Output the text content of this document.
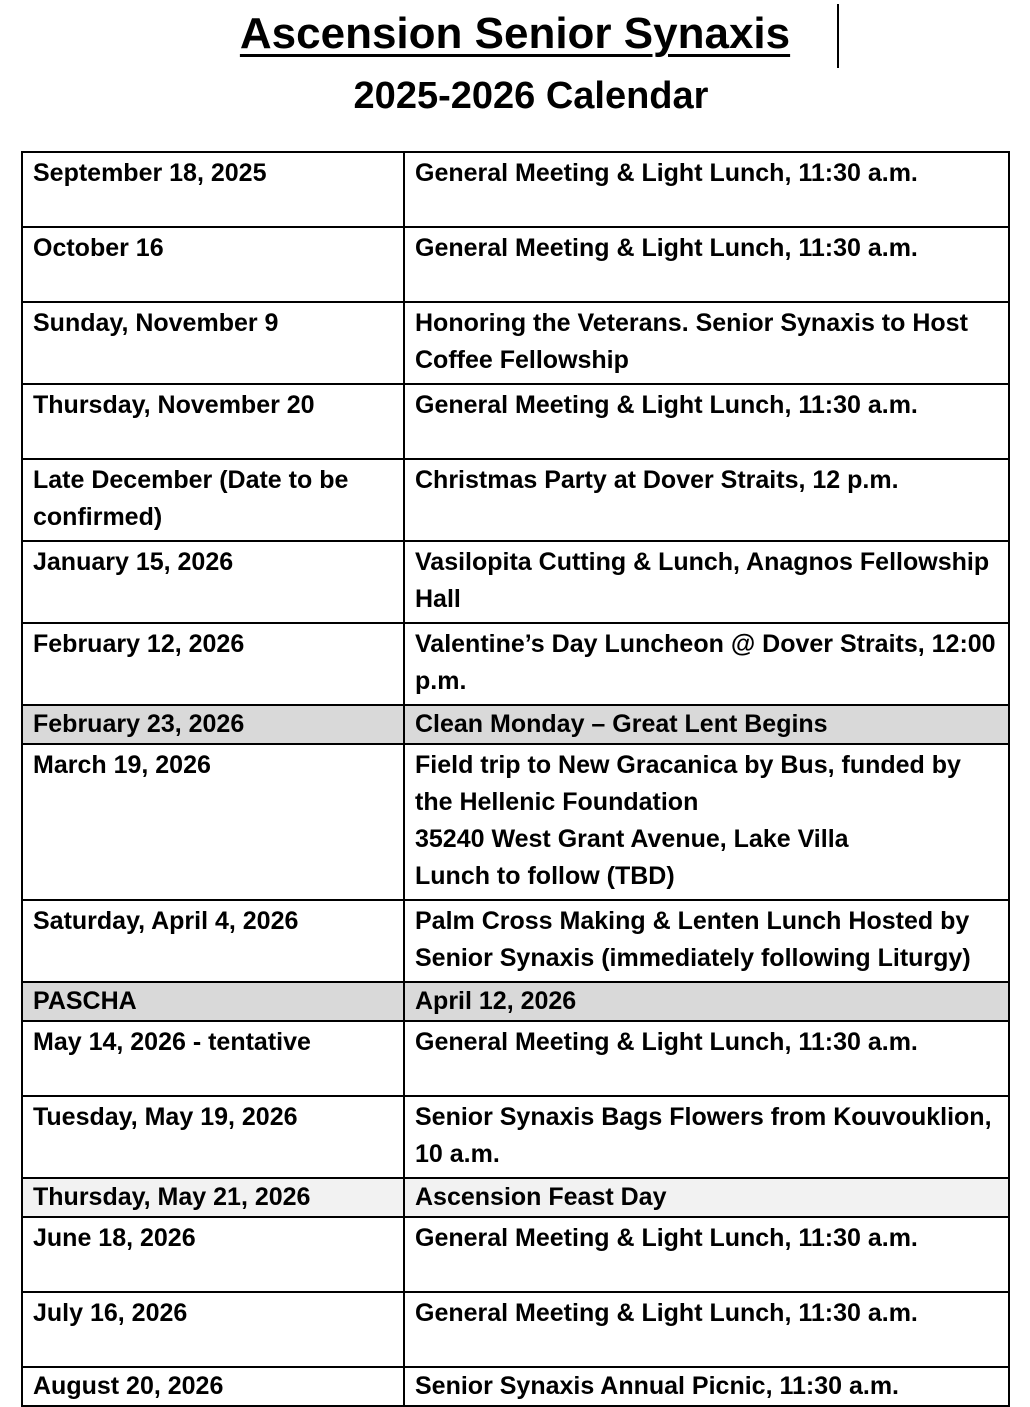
Ascension Senior Synaxis
2025-2026 Calendar
September 18, 2025	General Meeting & Light Lunch, 11:30 a.m.

October 16	General Meeting & Light Lunch, 11:30 a.m.

Sunday, November 9	Honoring the Veterans. Senior Synaxis to Host Coffee Fellowship

Thursday, November 20	General Meeting & Light Lunch, 11:30 a.m.

Late December (Date to be confirmed)	Christmas Party at Dover Straits, 12 p.m.

January 15, 2026	Vasilopita Cutting & Lunch, Anagnos Fellowship Hall

February 12, 2026	Valentine’s Day Luncheon @ Dover Straits, 12:00 p.m.

February 23, 2026	Clean Monday – Great Lent Begins

March 19, 2026	Field trip to New Gracanica by Bus, funded by the Hellenic Foundation
35240 West Grant Avenue, Lake Villa
Lunch to follow (TBD)

Saturday, April 4, 2026	Palm Cross Making & Lenten Lunch Hosted by Senior Synaxis (immediately following Liturgy)

PASCHA	April 12, 2026

May 14, 2026 - tentative	General Meeting & Light Lunch, 11:30 a.m.

Tuesday, May 19, 2026	Senior Synaxis Bags Flowers from Kouvouklion, 10 a.m.

Thursday, May 21, 2026	Ascension Feast Day

June 18, 2026	General Meeting & Light Lunch, 11:30 a.m.

July 16, 2026	General Meeting & Light Lunch, 11:30 a.m.

August 20, 2026	Senior Synaxis Annual Picnic, 11:30 a.m.
